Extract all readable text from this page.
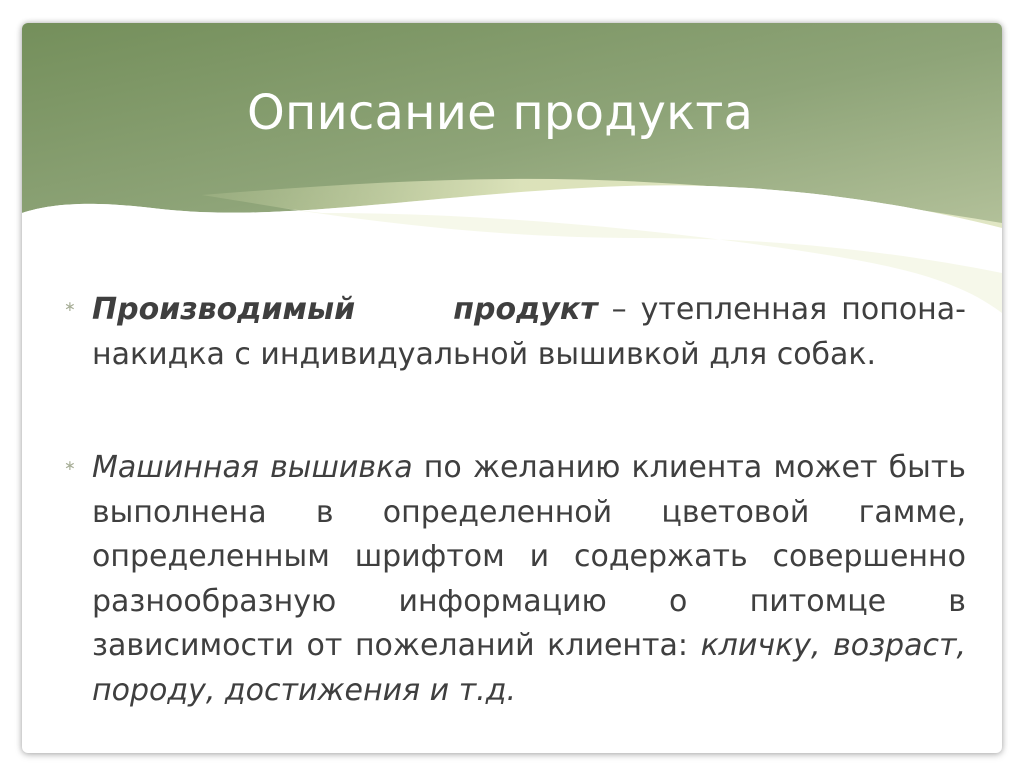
Описание продукта
∗ Производимый	продукт – утепленная попона-накидка с индивидуальной вышивкой для собак.

∗ Машинная вышивка по желанию клиента может быть выполнена в определенной цветовой гамме, определенным шрифтом и содержать совершенно разнообразную информацию о питомце в зависимости от пожеланий клиента: кличку, возраст, породу, достижения и т.д.
